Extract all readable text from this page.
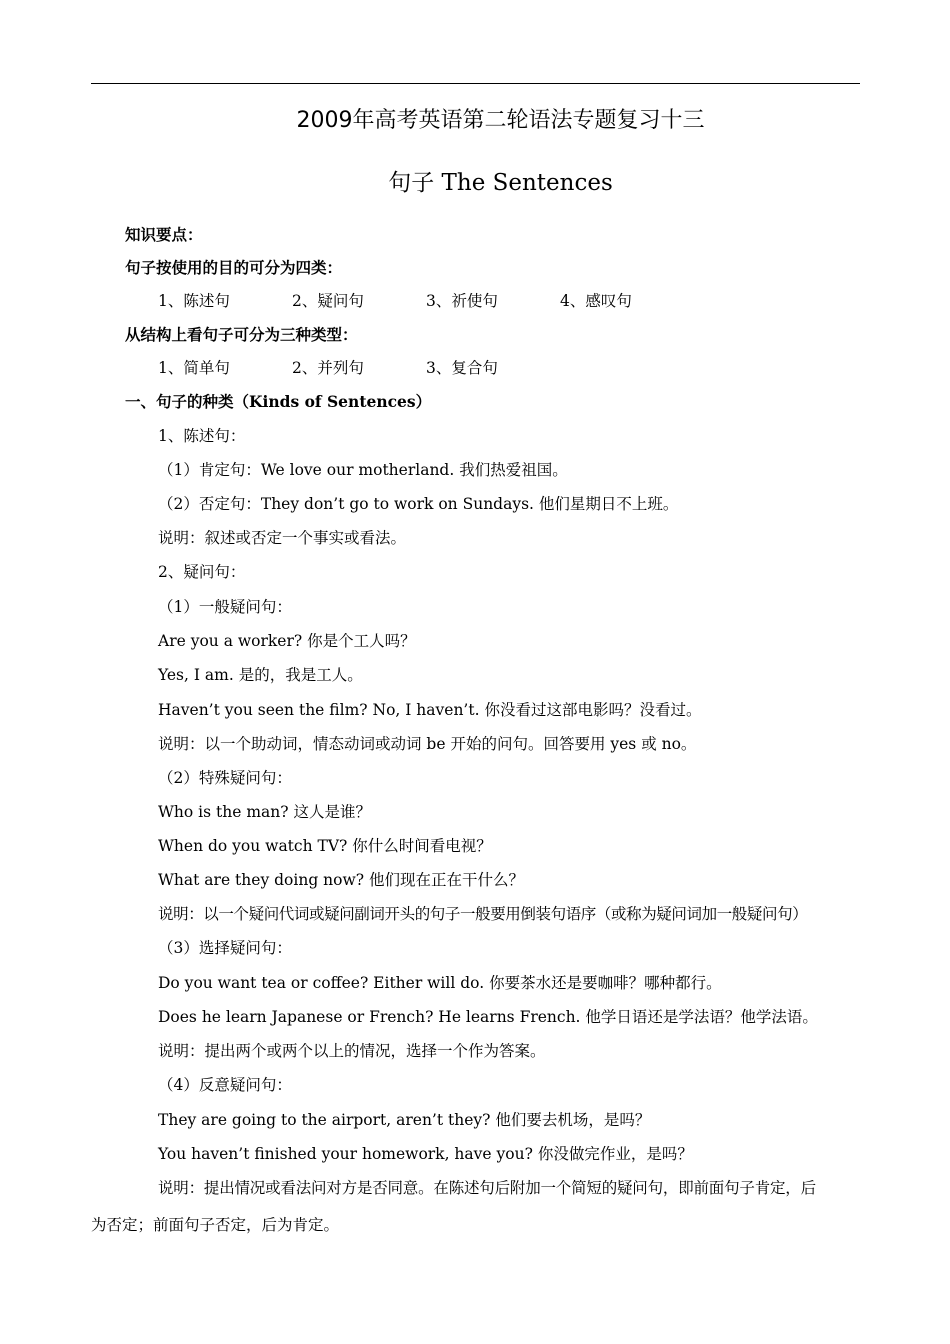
2009年高考英语第二轮语法专题复习十三
句子 The Sentences
知识要点：
句子按使用的目的可分为四类：
1、陈述句	2、疑问句	3、祈使句	4、感叹句
从结构上看句子可分为三种类型：
1、简单句	2、并列句	3、复合句
一、句子的种类（Kinds of Sentences）
1、陈述句：
（1）肯定句：We love our motherland. 我们热爱祖国。
（2）否定句：They don’t go to work on Sundays. 他们星期日不上班。
说明：叙述或否定一个事实或看法。
2、疑问句：
（1）一般疑问句：
Are you a worker? 你是个工人吗？
Yes, I am. 是的，我是工人。
Haven’t you seen the film? No, I haven’t. 你没看过这部电影吗？没看过。
说明：以一个助动词，情态动词或动词 be 开始的问句。回答要用 yes 或 no。
（2）特殊疑问句：
Who is the man? 这人是谁？
When do you watch TV? 你什么时间看电视？
What are they doing now? 他们现在正在干什么？
说明：以一个疑问代词或疑问副词开头的句子一般要用倒装句语序（或称为疑问词加一般疑问句）
（3）选择疑问句：
Do you want tea or coffee? Either will do. 你要茶水还是要咖啡？哪种都行。
Does he learn Japanese or French? He learns French. 他学日语还是学法语？他学法语。
说明：提出两个或两个以上的情况，选择一个作为答案。
（4）反意疑问句：
They are going to the airport, aren’t they? 他们要去机场，是吗？
You haven’t finished your homework, have you? 你没做完作业，是吗？
说明：提出情况或看法问对方是否同意。在陈述句后附加一个简短的疑问句，即前面句子肯定，后
为否定；前面句子否定，后为肯定。
